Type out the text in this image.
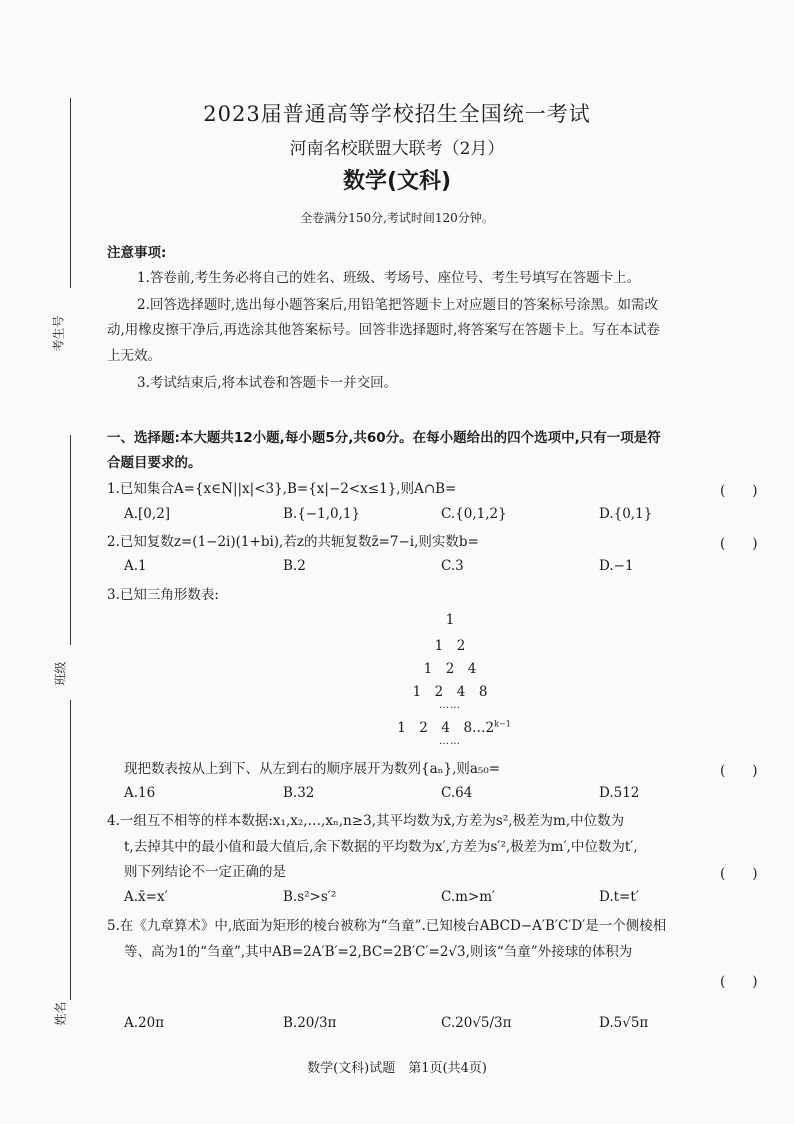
考生号
班级
姓名
2023届普通高等学校招生全国统一考试
河南名校联盟大联考（2月）
数学(文科)
全卷满分150分,考试时间120分钟。
注意事项:
1.答卷前,考生务必将自己的姓名、班级、考场号、座位号、考生号填写在答题卡上。
2.回答选择题时,选出每小题答案后,用铅笔把答题卡上对应题目的答案标号涂黑。如需改
动,用橡皮擦干净后,再选涂其他答案标号。回答非选择题时,将答案写在答题卡上。写在本试卷
上无效。
3.考试结束后,将本试卷和答题卡一并交回。
一、选择题:本大题共12小题,每小题5分,共60分。在每小题给出的四个选项中,只有一项是符
合题目要求的。
1.已知集合A={x∈N||x|<3},B={x|−2<x≤1},则A∩B=	(　　)
A.[0,2]	B.{−1,0,1}	C.{0,1,2}	D.{0,1}
2.已知复数z=(1−2i)(1+bi),若z的共轭复数z̄=7−i,则实数b=	(　　)
A.1	B.2	C.3	D.−1
3.已知三角形数表:
1
1　2
1　2　4
1　2　4　8
……
1　2　4　$8\dots 2^{k-1}$
……
现把数表按从上到下、从左到右的顺序展开为数列{aₙ},则a₅₀=	(　　)
A.16	B.32	C.64	D.512
4.一组互不相等的样本数据:x₁,x₂,…,xₙ,n≥3,其平均数为x̄,方差为s²,极差为m,中位数为
t,去掉其中的最小值和最大值后,余下数据的平均数为x′,方差为s′²,极差为m′,中位数为t′,
则下列结论不一定正确的是	(　　)
A.x̄=x′	B.s²>s′²	C.m>m′	D.t=t′
5.在《九章算术》中,底面为矩形的棱台被称为“刍童”.已知棱台ABCD−A′B′C′D′是一个侧棱相
等、高为1的“刍童”,其中AB=2A′B′=2,BC=2B′C′=2√3,则该“刍童”外接球的体积为
(　　)
A.20π	B.20/3π	C.20√5/3π	D.5√5π
数学(文科)试题　第1页(共4页)
